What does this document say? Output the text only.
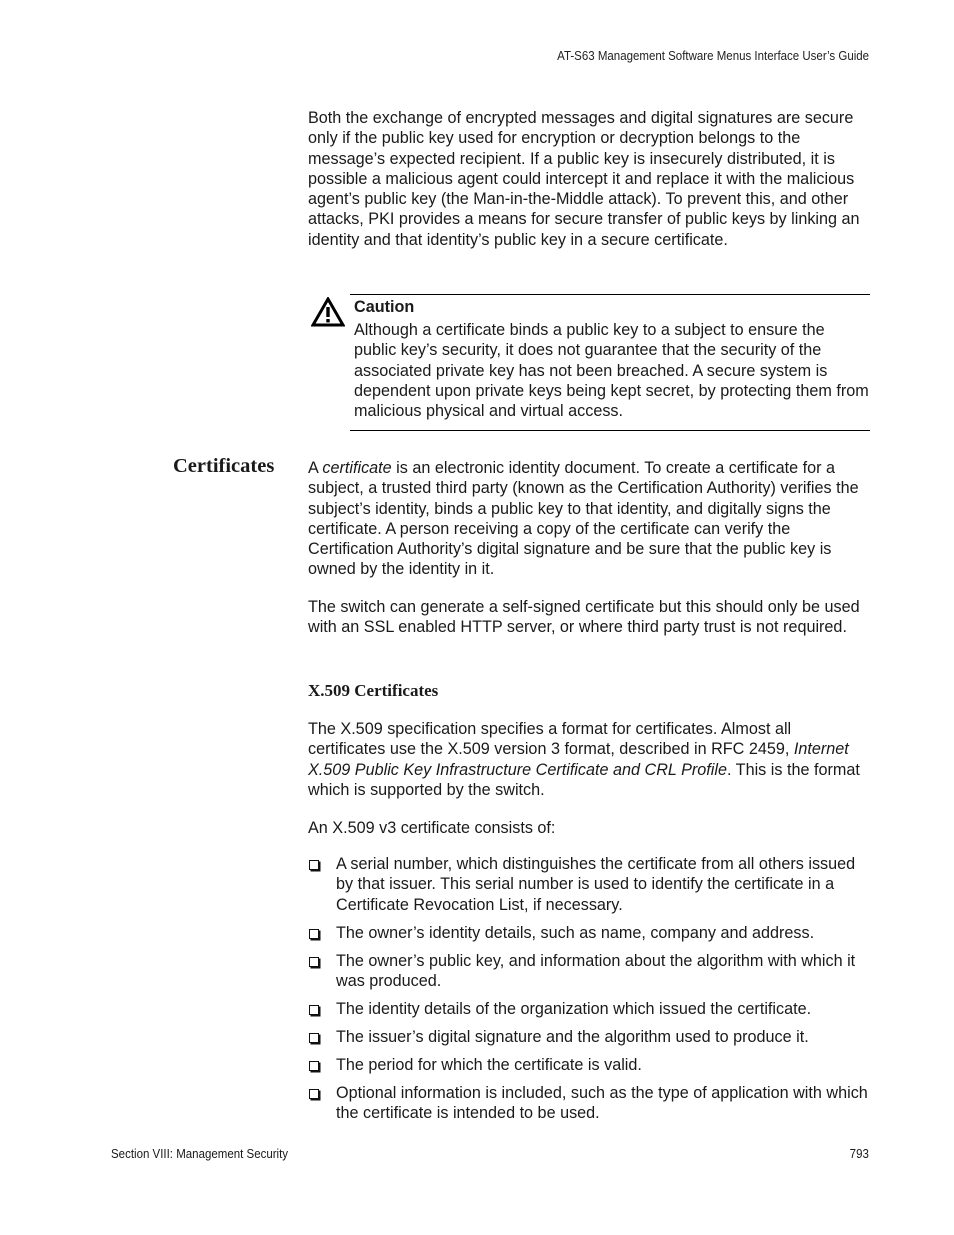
AT-S63 Management Software Menus Interface User’s Guide

Both the exchange of encrypted messages and digital signatures are secure only if the public key used for encryption or decryption belongs to the message’s expected recipient. If a public key is insecurely distributed, it is possible a malicious agent could intercept it and replace it with the malicious agent’s public key (the Man-in-the-Middle attack). To prevent this, and other attacks, PKI provides a means for secure transfer of public keys by linking an identity and that identity’s public key in a secure certificate.

Caution

Although a certificate binds a public key to a subject to ensure the public key’s security, it does not guarantee that the security of the associated private key has not been breached. A secure system is dependent upon private keys being kept secret, by protecting them from malicious physical and virtual access.

Certificates A certificate is an electronic identity document. To create a certificate for a subject, a trusted third party (known as the Certification Authority) verifies the subject’s identity, binds a public key to that identity, and digitally signs the certificate. A person receiving a copy of the certificate can verify the Certification Authority’s digital signature and be sure that the public key is owned by the identity in it.

The switch can generate a self-signed certificate but this should only be used with an SSL enabled HTTP server, or where third party trust is not required.

X.509 Certificates

The X.509 specification specifies a format for certificates. Almost all certificates use the X.509 version 3 format, described in RFC 2459, Internet X.509 Public Key Infrastructure Certificate and CRL Profile. This is the format which is supported by the switch.

An X.509 v3 certificate consists of:

A serial number, which distinguishes the certificate from all others issued by that issuer. This serial number is used to identify the certificate in a Certificate Revocation List, if necessary.
The owner’s identity details, such as name, company and address.
The owner’s public key, and information about the algorithm with which it was produced.
The identity details of the organization which issued the certificate.
The issuer’s digital signature and the algorithm used to produce it.
The period for which the certificate is valid.
Optional information is included, such as the type of application with which the certificate is intended to be used.
Section VIII: Management Security	793
